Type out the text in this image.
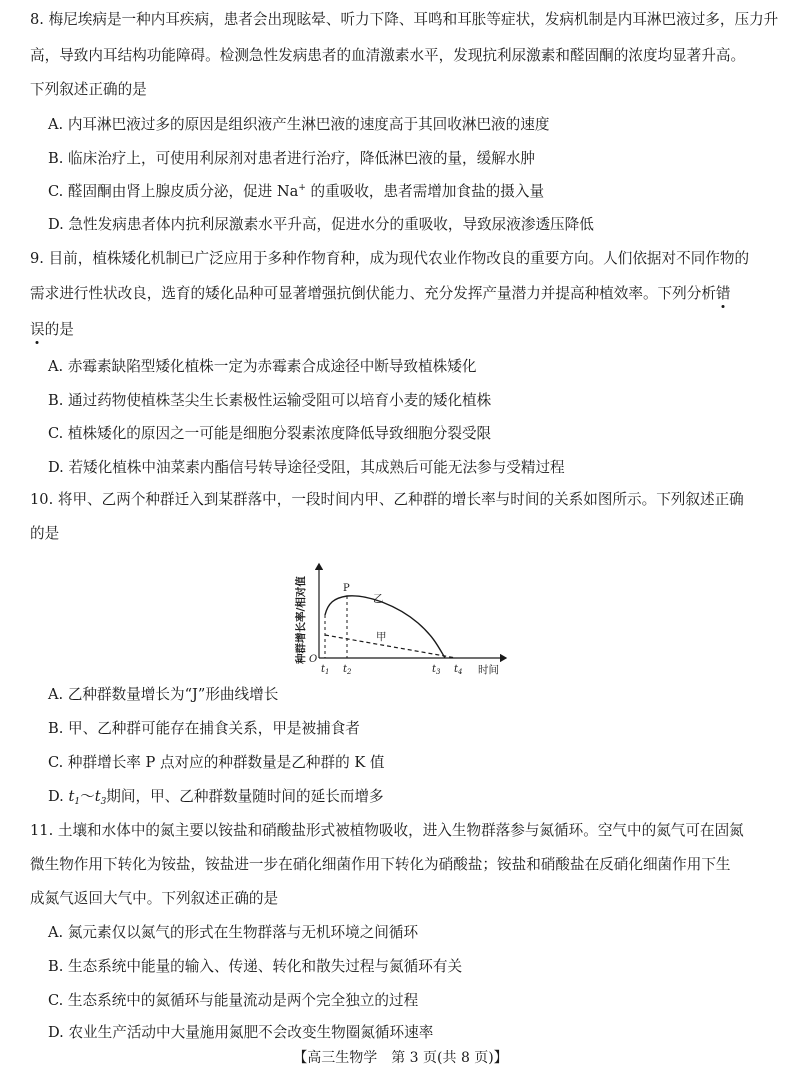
8. 梅尼埃病是一种内耳疾病，患者会出现眩晕、听力下降、耳鸣和耳胀等症状，发病机制是内耳淋巴液过多，压力升
高，导致内耳结构功能障碍。检测急性发病患者的血清激素水平，发现抗利尿激素和醛固酮的浓度均显著升高。
下列叙述正确的是
A. 内耳淋巴液过多的原因是组织液产生淋巴液的速度高于其回收淋巴液的速度
B. 临床治疗上，可使用利尿剂对患者进行治疗，降低淋巴液的量，缓解水肿
C. 醛固酮由肾上腺皮质分泌，促进 Na+ 的重吸收，患者需增加食盐的摄入量
D. 急性发病患者体内抗利尿激素水平升高，促进水分的重吸收，导致尿液渗透压降低
9. 目前，植株矮化机制已广泛应用于多种作物育种，成为现代农业作物改良的重要方向。人们依据对不同作物的
需求进行性状改良，选育的矮化品种可显著增强抗倒伏能力、充分发挥产量潜力并提高种植效率。下列分析错
误的是
A. 赤霉素缺陷型矮化植株一定为赤霉素合成途径中断导致植株矮化
B. 通过药物使植株茎尖生长素极性运输受阻可以培育小麦的矮化植株
C. 植株矮化的原因之一可能是细胞分裂素浓度降低导致细胞分裂受限
D. 若矮化植株中油菜素内酯信号转导途径受阻，其成熟后可能无法参与受精过程
10. 将甲、乙两个种群迁入到某群落中，一段时间内甲、乙种群的增长率与时间的关系如图所示。下列叙述正确
的是
种群增长率/相对值 O
时间
P
乙
甲
$t_1$ $t_2$	$t_3$ $t_4$
A. 乙种群数量增长为“J”形曲线增长
B. 甲、乙种群可能存在捕食关系，甲是被捕食者
C. 种群增长率 P 点对应的种群数量是乙种群的 K 值
D. $t_1\sim t_3$期间，甲、乙种群数量随时间的延长而增多
11. 土壤和水体中的氮主要以铵盐和硝酸盐形式被植物吸收，进入生物群落参与氮循环。空气中的氮气可在固氮
微生物作用下转化为铵盐，铵盐进一步在硝化细菌作用下转化为硝酸盐；铵盐和硝酸盐在反硝化细菌作用下生
成氮气返回大气中。下列叙述正确的是
A. 氮元素仅以氮气的形式在生物群落与无机环境之间循环
B. 生态系统中能量的输入、传递、转化和散失过程与氮循环有关
C. 生态系统中的氮循环与能量流动是两个完全独立的过程
D. 农业生产活动中大量施用氮肥不会改变生物圈氮循环速率
【高三生物学　第 3 页(共 8 页)】
